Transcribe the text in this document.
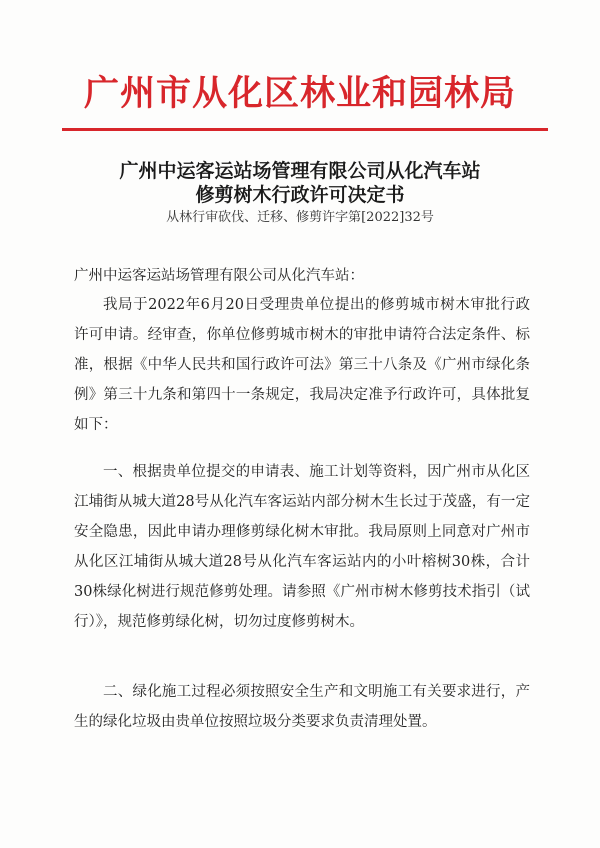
广州市从化区林业和园林局
广州中运客运站场管理有限公司从化汽车站
修剪树木行政许可决定书
从林行审砍伐、迁移、修剪许字第[2022]32号
广州中运客运站场管理有限公司从化汽车站：
我局于2022年6月20日受理贵单位提出的修剪城市树木审批行政许可申请。经审查，你单位修剪城市树木的审批申请符合法定条件、标准，根据《中华人民共和国行政许可法》第三十八条及《广州市绿化条例》第三十九条和第四十一条规定，我局决定准予行政许可，具体批复如下：
一、根据贵单位提交的申请表、施工计划等资料，因广州市从化区江埔街从城大道28号从化汽车客运站内部分树木生长过于茂盛，有一定安全隐患，因此申请办理修剪绿化树木审批。我局原则上同意对广州市从化区江埔街从城大道28号从化汽车客运站内的小叶榕树30株，合计30株绿化树进行规范修剪处理。请参照《广州市树木修剪技术指引（试行）》，规范修剪绿化树，切勿过度修剪树木。
二、绿化施工过程必须按照安全生产和文明施工有关要求进行，产生的绿化垃圾由贵单位按照垃圾分类要求负责清理处置。
